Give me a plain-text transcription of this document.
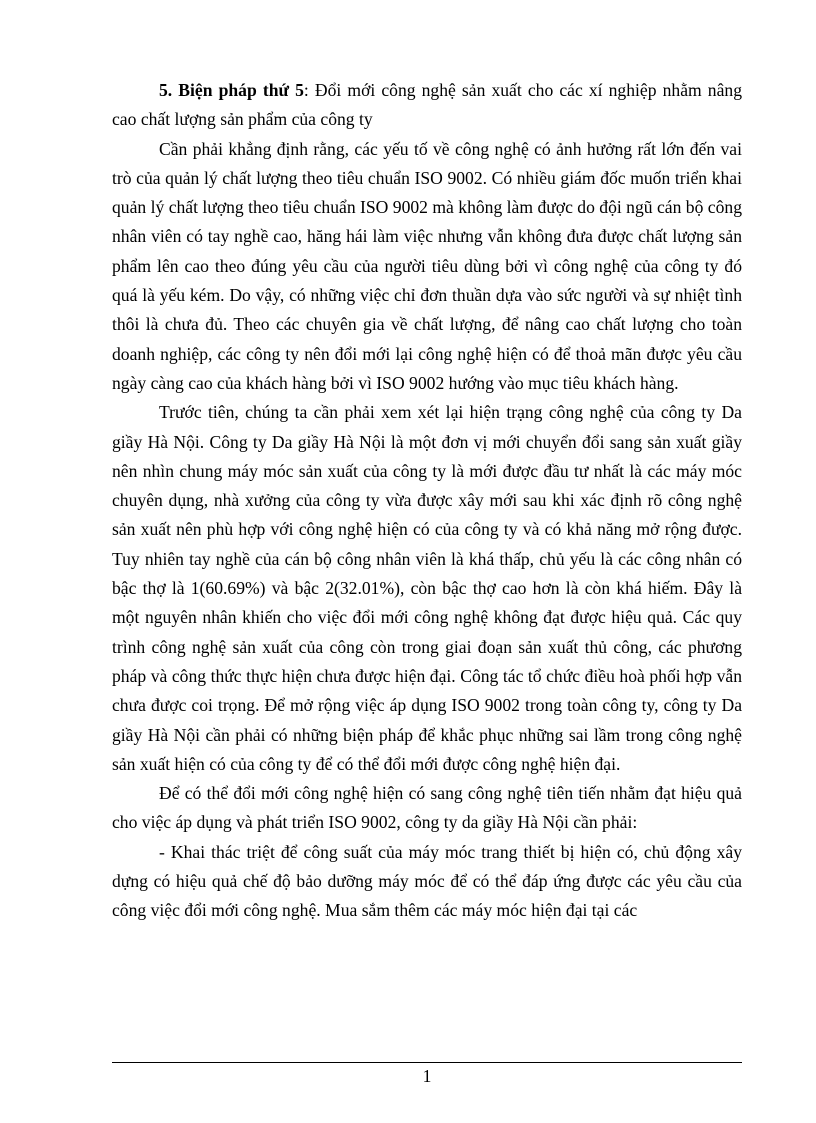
5. Biện pháp thứ 5: Đổi mới công nghệ sản xuất cho các xí nghiệp nhằm nâng cao chất lượng sản phẩm của công ty

Cần phải khẳng định rằng, các yếu tố về công nghệ có ảnh hưởng rất lớn đến vai trò của quản lý chất lượng theo tiêu chuẩn ISO 9002. Có nhiều giám đốc muốn triển khai quản lý chất lượng theo tiêu chuẩn ISO 9002 mà không làm được do đội ngũ cán bộ công nhân viên có tay nghề cao, hăng hái làm việc nhưng vẫn không đưa được chất lượng sản phẩm lên cao theo đúng yêu cầu của người tiêu dùng bởi vì công nghệ của công ty đó quá là yếu kém. Do vậy, có những việc chỉ đơn thuần dựa vào sức người và sự nhiệt tình thôi là chưa đủ. Theo các chuyên gia về chất lượng, để nâng cao chất lượng cho toàn doanh nghiệp, các công ty nên đổi mới lại công nghệ hiện có để thoả mãn được yêu cầu ngày càng cao của khách hàng bởi vì ISO 9002 hướng vào mục tiêu khách hàng.

Trước tiên, chúng ta cần phải xem xét lại hiện trạng công nghệ của công ty Da giầy Hà Nội. Công ty Da giầy Hà Nội là một đơn vị mới chuyển đổi sang sản xuất giầy nên nhìn chung máy móc sản xuất của công ty là mới được đầu tư nhất là các máy móc chuyên dụng, nhà xưởng của công ty vừa được xây mới sau khi xác định rõ công nghệ sản xuất nên phù hợp với công nghệ hiện có của công ty và có khả năng mở rộng được. Tuy nhiên tay nghề của cán bộ công nhân viên là khá thấp, chủ yếu là các công nhân có bậc thợ là 1(60.69%) và bậc 2(32.01%), còn bậc thợ cao hơn là còn khá hiếm. Đây là một nguyên nhân khiến cho việc đổi mới công nghệ không đạt được hiệu quả. Các quy trình công nghệ sản xuất của công còn trong giai đoạn sản xuất thủ công, các phương pháp và công thức thực hiện chưa được hiện đại. Công tác tổ chức điều hoà phối hợp vẫn chưa được coi trọng. Để mở rộng việc áp dụng ISO 9002 trong toàn công ty, công ty Da giầy Hà Nội cần phải có những biện pháp để khắc phục những sai lầm trong công nghệ sản xuất hiện có của công ty để có thể đổi mới được công nghệ hiện đại.

Để có thể đổi mới công nghệ hiện có sang công nghệ tiên tiến nhằm đạt hiệu quả cho việc áp dụng và phát triển ISO 9002, công ty da giầy Hà Nội cần phải:

- Khai thác triệt để công suất của máy móc trang thiết bị hiện có, chủ động xây dựng có hiệu quả chế độ bảo dưỡng máy móc để có thể đáp ứng được các yêu cầu của công việc đổi mới công nghệ. Mua sắm thêm các máy móc hiện đại tại các

1
